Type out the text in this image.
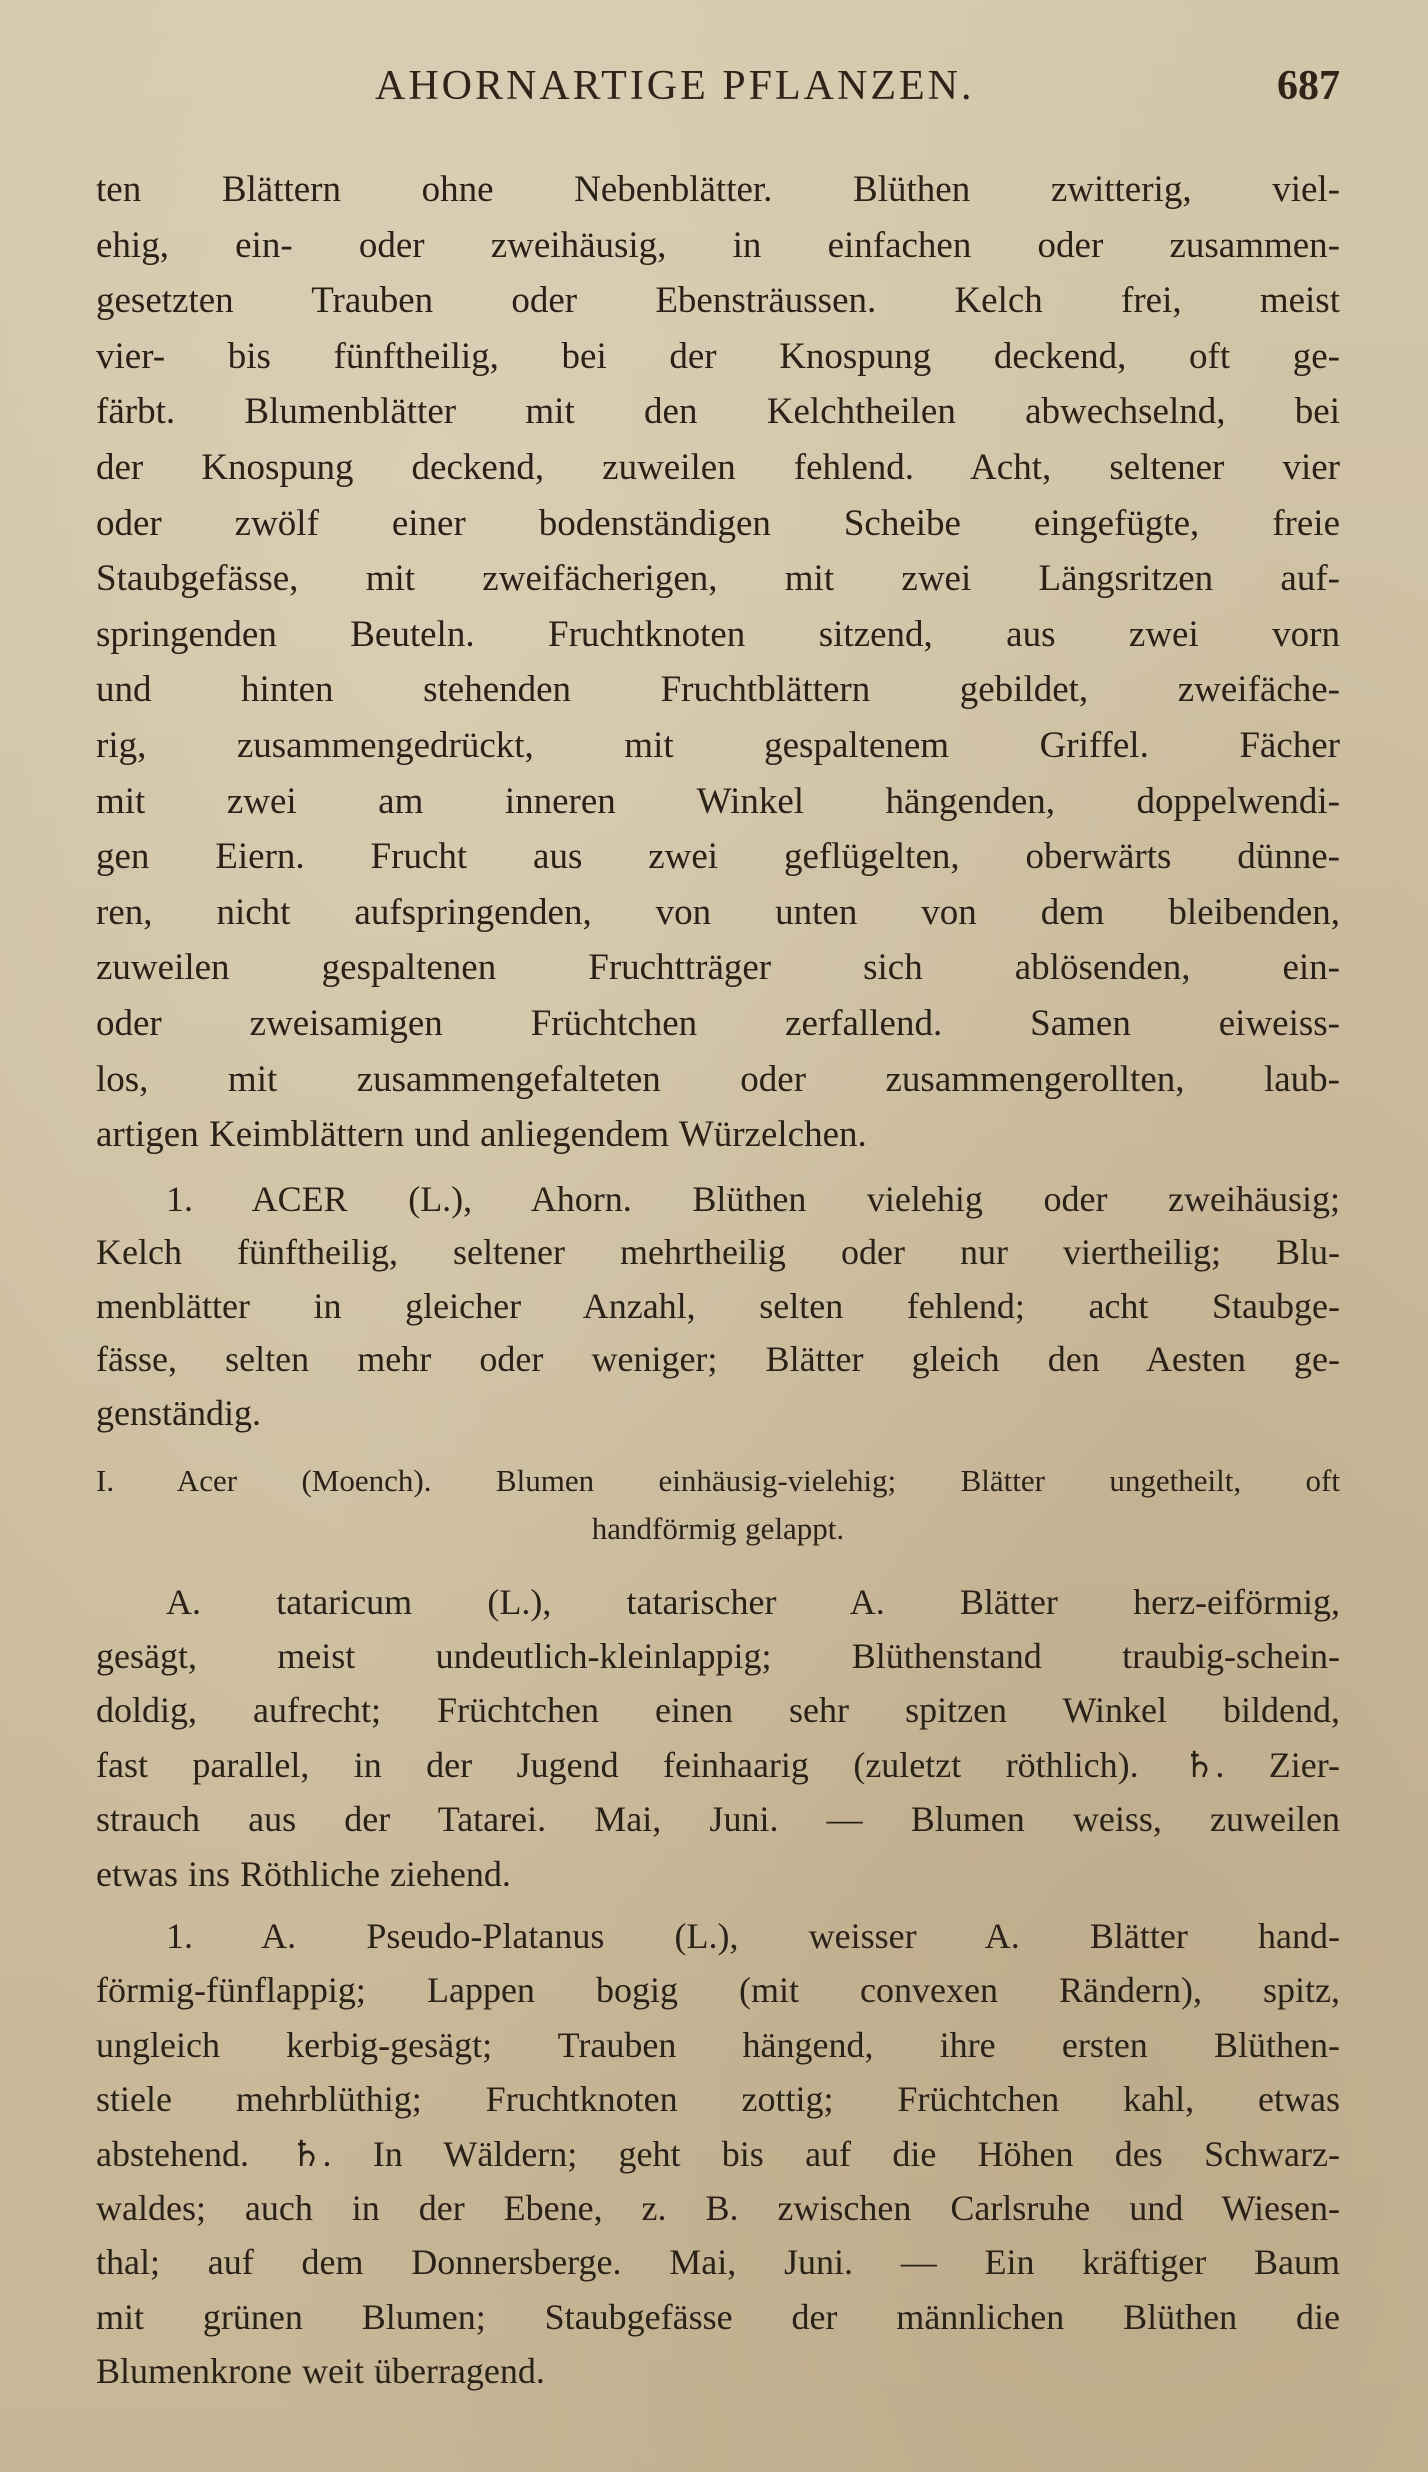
AHORNARTIGE PFLANZEN.	687
ten Blättern ohne Nebenblätter. Blüthen zwitterig, viel-
ehig, ein- oder zweihäusig, in einfachen oder zusammen-
gesetzten Trauben oder Ebensträussen. Kelch frei, meist
vier- bis fünftheilig, bei der Knospung deckend, oft ge-
färbt. Blumenblätter mit den Kelchtheilen abwechselnd, bei
der Knospung deckend, zuweilen fehlend. Acht, seltener vier
oder zwölf einer bodenständigen Scheibe eingefügte, freie
Staubgefässe, mit zweifächerigen, mit zwei Längsritzen auf-
springenden Beuteln. Fruchtknoten sitzend, aus zwei vorn
und hinten stehenden Fruchtblättern gebildet, zweifäche-
rig, zusammengedrückt, mit gespaltenem Griffel. Fächer
mit zwei am inneren Winkel hängenden, doppelwendi-
gen Eiern. Frucht aus zwei geflügelten, oberwärts dünne-
ren, nicht aufspringenden, von unten von dem bleibenden,
zuweilen gespaltenen Fruchtträger sich ablösenden, ein-
oder zweisamigen Früchtchen zerfallend. Samen eiweiss-
los, mit zusammengefalteten oder zusammengerollten, laub-
artigen Keimblättern und anliegendem Würzelchen.
1. ACER (L.), Ahorn. Blüthen vielehig oder zweihäusig;
Kelch fünftheilig, seltener mehrtheilig oder nur viertheilig; Blu-
menblätter in gleicher Anzahl, selten fehlend; acht Staubge-
fässe, selten mehr oder weniger; Blätter gleich den Aesten ge-
genständig.
I. Acer (Moench). Blumen einhäusig-vielehig; Blätter ungetheilt, oft
handförmig gelappt.
A. tataricum (L.), tatarischer A. Blätter herz-eiförmig,
gesägt, meist undeutlich-kleinlappig; Blüthenstand traubig-schein-
doldig, aufrecht; Früchtchen einen sehr spitzen Winkel bildend,
fast parallel, in der Jugend feinhaarig (zuletzt röthlich). ♄. Zier-
strauch aus der Tatarei. Mai, Juni. — Blumen weiss, zuweilen
etwas ins Röthliche ziehend.
1. A. Pseudo-Platanus (L.), weisser A. Blätter hand-
förmig-fünflappig; Lappen bogig (mit convexen Rändern), spitz,
ungleich kerbig-gesägt; Trauben hängend, ihre ersten Blüthen-
stiele mehrblüthig; Fruchtknoten zottig; Früchtchen kahl, etwas
abstehend. ♄. In Wäldern; geht bis auf die Höhen des Schwarz-
waldes; auch in der Ebene, z. B. zwischen Carlsruhe und Wiesen-
thal; auf dem Donnersberge. Mai, Juni. — Ein kräftiger Baum
mit grünen Blumen; Staubgefässe der männlichen Blüthen die
Blumenkrone weit überragend.
